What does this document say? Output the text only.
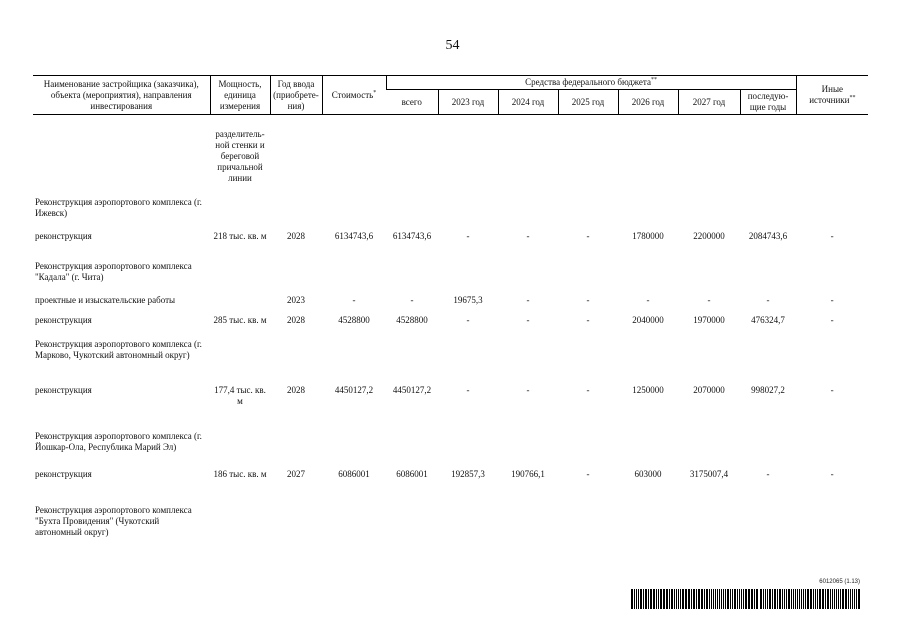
54
Наименование застройщика (заказчика), объекта (мероприятия), направления инвестирования	Мощность, единица измерения	Год ввода (приобрете-ния)	Стоимость*	Средства федерального бюджета**							Иные источники**
				всего	2023 год	2024 год	2025 год	2026 год	2027 год	последую-щие годы	
	разделитель-ной стенки и береговой причальной линии										
Реконструкция аэропортового комплекса (г. Ижевск)											
реконструкция	218 тыс. кв. м	2028	6134743,6	6134743,6	-	-	-	1780000	2200000	2084743,6	-
Реконструкция аэропортового комплекса "Кадала" (г. Чита)											
проектные и изыскательские работы		2023	-	-	19675,3	-	-	-	-	-	-
реконструкция	285 тыс. кв. м	2028	4528800	4528800	-	-	-	2040000	1970000	476324,7	-
Реконструкция аэропортового комплекса (г. Марково, Чукотский автономный округ)											
реконструкция	177,4 тыс. кв. м	2028	4450127,2	4450127,2	-	-	-	1250000	2070000	998027,2	-
Реконструкция аэропортового комплекса (г. Йошкар-Ола, Республика Марий Эл)											
реконструкция	186 тыс. кв. м	2027	6086001	6086001	192857,3	190766,1	-	603000	3175007,4	-	-
Реконструкция аэропортового комплекса "Бухта Провидения" (Чукотский автономный округ)											
6012065 (1.13)
